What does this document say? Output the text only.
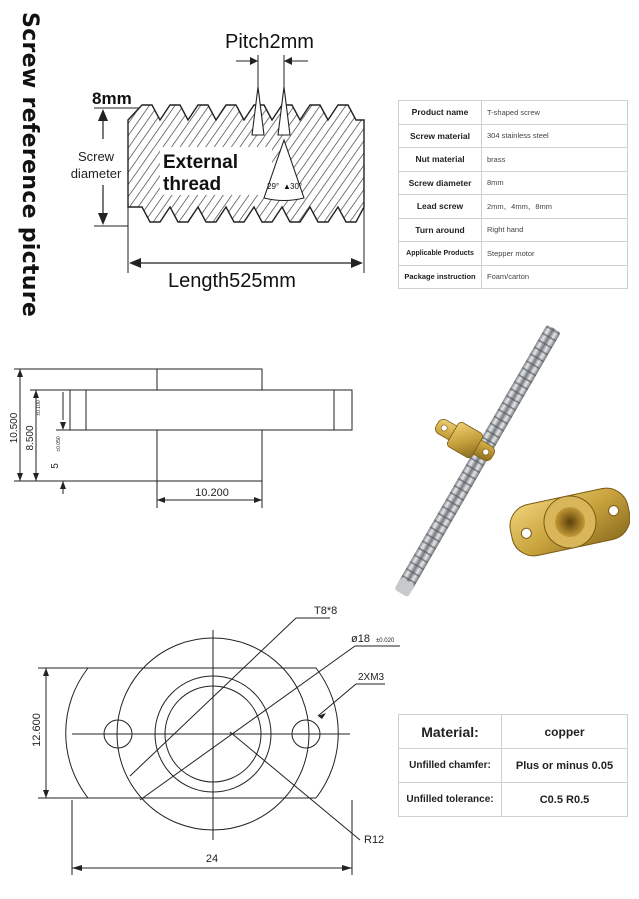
Screw reference picture	External
thread	29° ▲ 30°
Pitch2mm
8mm
Screw
diameter
Length525mm
Product name	T-shaped screw
Screw material	304 stainless steel
Nut material	brass
Screw diameter	8mm
Lead screw	2mm、4mm、8mm
Turn around	Right hand
Applicable Products	Stepper motor
Package instruction	Foam/carton
10.500 8.500
±0.100
5
±0.050
10.200
T8*8
ø18 ±0.020
2XM3
12.600
R12
24
Material:	copper
Unfilled chamfer:	Plus or minus 0.05
Unfilled tolerance:	C0.5 R0.5
